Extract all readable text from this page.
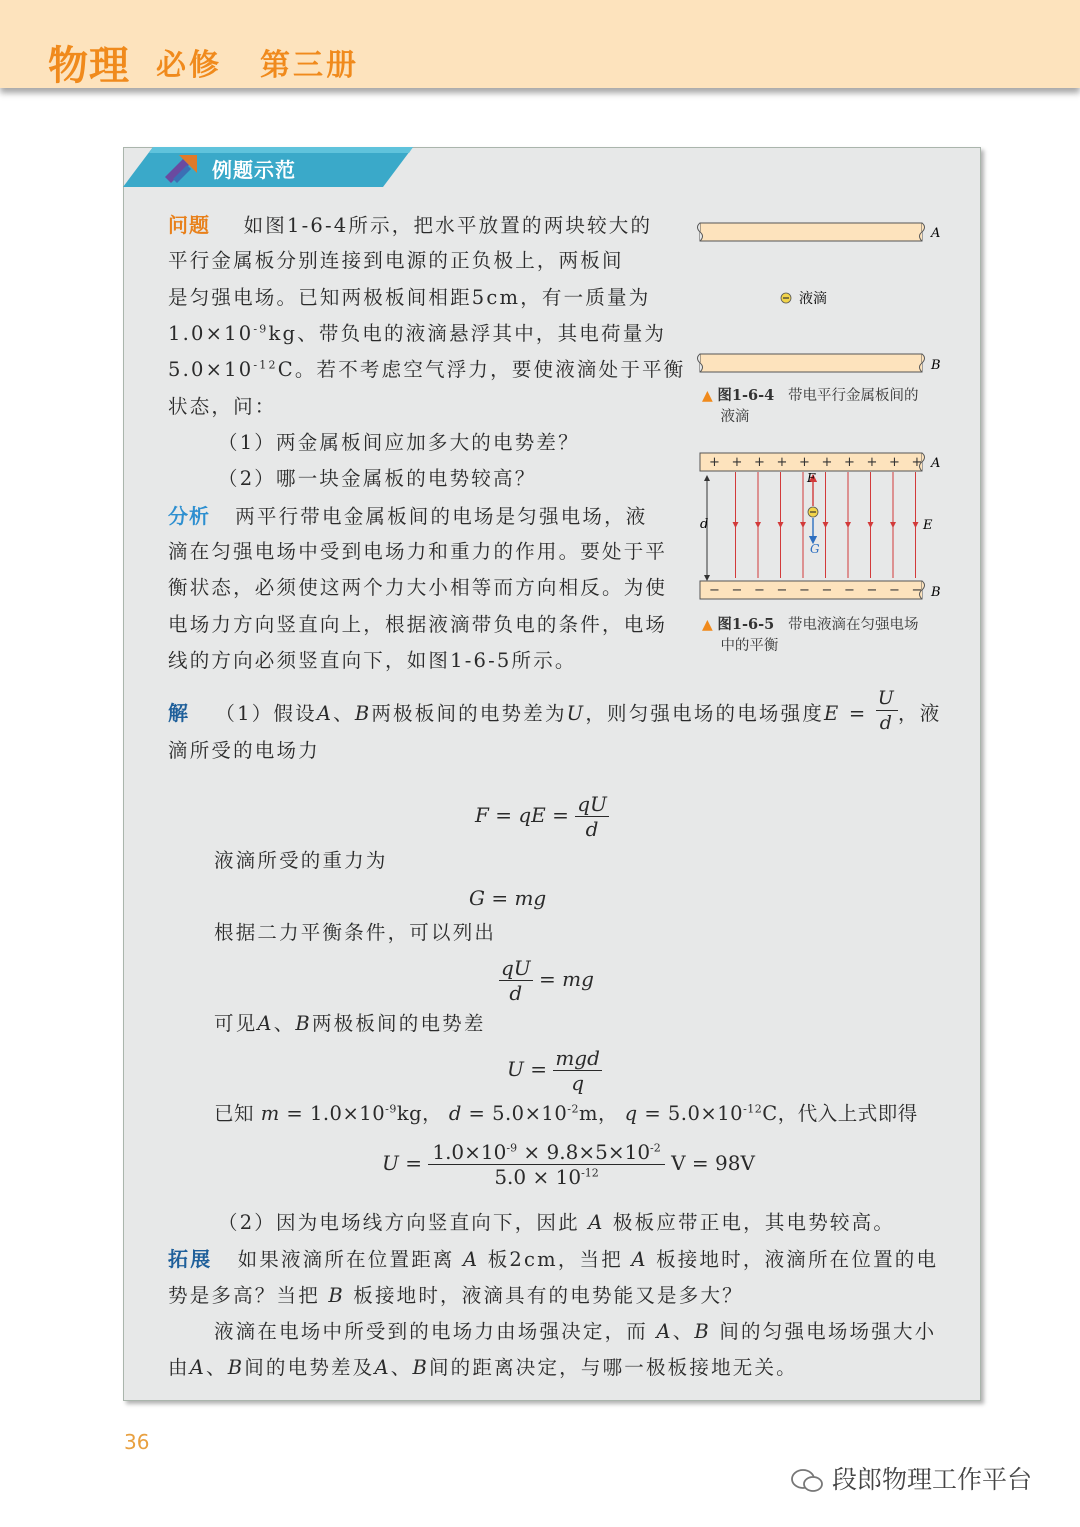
物理 必修 第三册
例题示范
问题 如图1-6-4所示，把水平放置的两块较大的
平行金属板分别连接到电源的正负极上，两板间
是匀强电场。已知两极板间相距5cm，有一质量为
$1.0\times 10^{-9}kg$、带负电的液滴悬浮其中，其电荷量为
$5.0\times 10^{-12}C$。若不考虑空气浮力，要使液滴处于平衡
状态，问：
（1）两金属板间应加多大的电势差？
（2）哪一块金属板的电势较高？
分析 两平行带电金属板间的电场是匀强电场，液
滴在匀强电场中受到电场力和重力的作用。要处于平
衡状态，必须使这两个力大小相等而方向相反。为使
电场力方向竖直向上，根据液滴带负电的条件，电场
线的方向必须竖直向下，如图1-6-5所示。
A
液滴
B
▲ 图1-6-4 带电平行金属板间的
液滴
A
+ + + + + + + + + +
B
− − − − − − − − − −
d
F
G
E
▲ 图1-6-5 带电液滴在匀强电场
中的平衡
解 （1）假设A、B两极板间的电势差为U，则匀强电场的电场强度$E = \frac{U}{d}$ ，液
滴所受的电场力
F = qE = $\frac{qU}{d}$
液滴所受的重力为
G = mg
根据二力平衡条件，可以列出
$\frac{qU}{d}$ = mg
可见A、B两极板间的电势差
$U = \frac{\text{mgd}}{q}$
已知 $m = 1.0\times 10^{-9}kg$， $d = 5.0\times 10^{-2}m$， $q = 5.0\times 10^{-12}C$，代入上式即得
$U = \frac{1.0\times 10^{-9} \times 9.8\times 5\times 10^{-2}}{5.0 \times 10^{-12}}$ V = 98V
（2）因为电场线方向竖直向下，因此 A 极板应带正电，其电势较高。
拓展 如果液滴所在位置距离 A 板2cm，当把 A 板接地时，液滴所在位置的电
势是多高？当把 B 板接地时，液滴具有的电势能又是多大？
液滴在电场中所受到的电场力由场强决定，而 A、B 间的匀强电场场强大小
由A、B间的电势差及A、B间的距离决定，与哪一极板接地无关。
36
段郎物理工作平台
